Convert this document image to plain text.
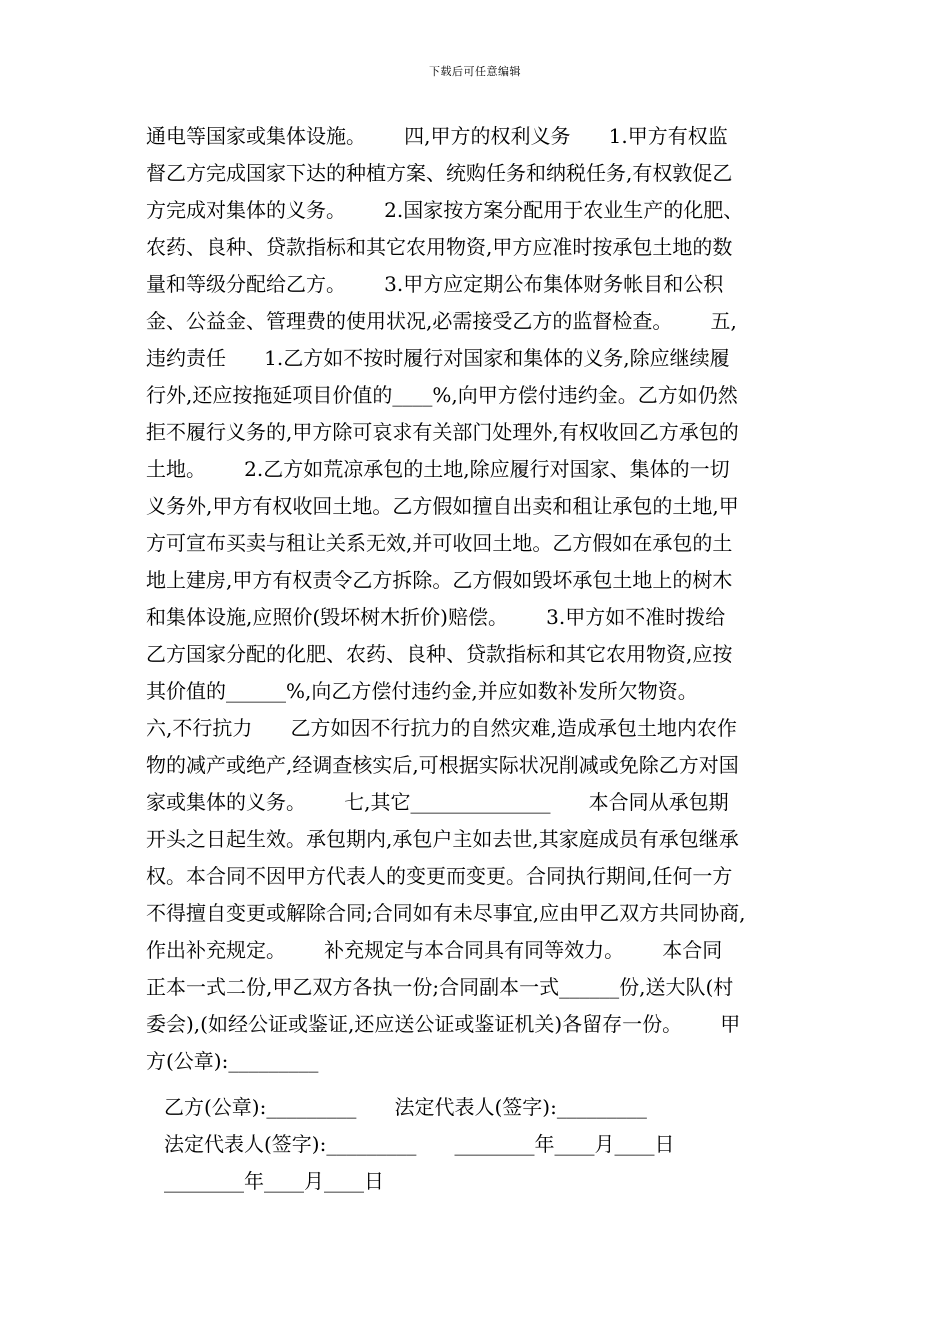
下载后可任意编辑
通电等国家或集体设施。      四,甲方的权利义务      1.甲方有权监
督乙方完成国家下达的种植方案、统购任务和纳税任务,有权敦促乙
方完成对集体的义务。      2.国家按方案分配用于农业生产的化肥、
农药、良种、贷款指标和其它农用物资,甲方应准时按承包土地的数
量和等级分配给乙方。      3.甲方应定期公布集体财务帐目和公积
金、公益金、管理费的使用状况,必需接受乙方的监督检查。      五,
违约责任      1.乙方如不按时履行对国家和集体的义务,除应继续履
行外,还应按拖延项目价值的____%,向甲方偿付违约金。乙方如仍然
拒不履行义务的,甲方除可哀求有关部门处理外,有权收回乙方承包的
土地。      2.乙方如荒凉承包的土地,除应履行对国家、集体的一切
义务外,甲方有权收回土地。乙方假如擅自出卖和租让承包的土地,甲
方可宣布买卖与租让关系无效,并可收回土地。乙方假如在承包的土
地上建房,甲方有权责令乙方拆除。乙方假如毁坏承包土地上的树木
和集体设施,应照价(毁坏树木折价)赔偿。      3.甲方如不准时拨给
乙方国家分配的化肥、农药、良种、贷款指标和其它农用物资,应按
其价值的______%,向乙方偿付违约金,并应如数补发所欠物资。
六,不行抗力      乙方如因不行抗力的自然灾难,造成承包土地内农作
物的减产或绝产,经调查核实后,可根据实际状况削减或免除乙方对国
家或集体的义务。      七,其它______________      本合同从承包期
开头之日起生效。承包期内,承包户主如去世,其家庭成员有承包继承
权。本合同不因甲方代表人的变更而变更。合同执行期间,任何一方
不得擅自变更或解除合同;合同如有未尽事宜,应由甲乙双方共同协商,
作出补充规定。      补充规定与本合同具有同等效力。      本合同
正本一式二份,甲乙双方各执一份;合同副本一式______份,送大队(村
委会),(如经公证或鉴证,还应送公证或鉴证机关)各留存一份。      甲
方(公章):_________
乙方(公章):_________      法定代表人(签字):_________
法定代表人(签字):_________      ________年____月____日
________年____月____日
